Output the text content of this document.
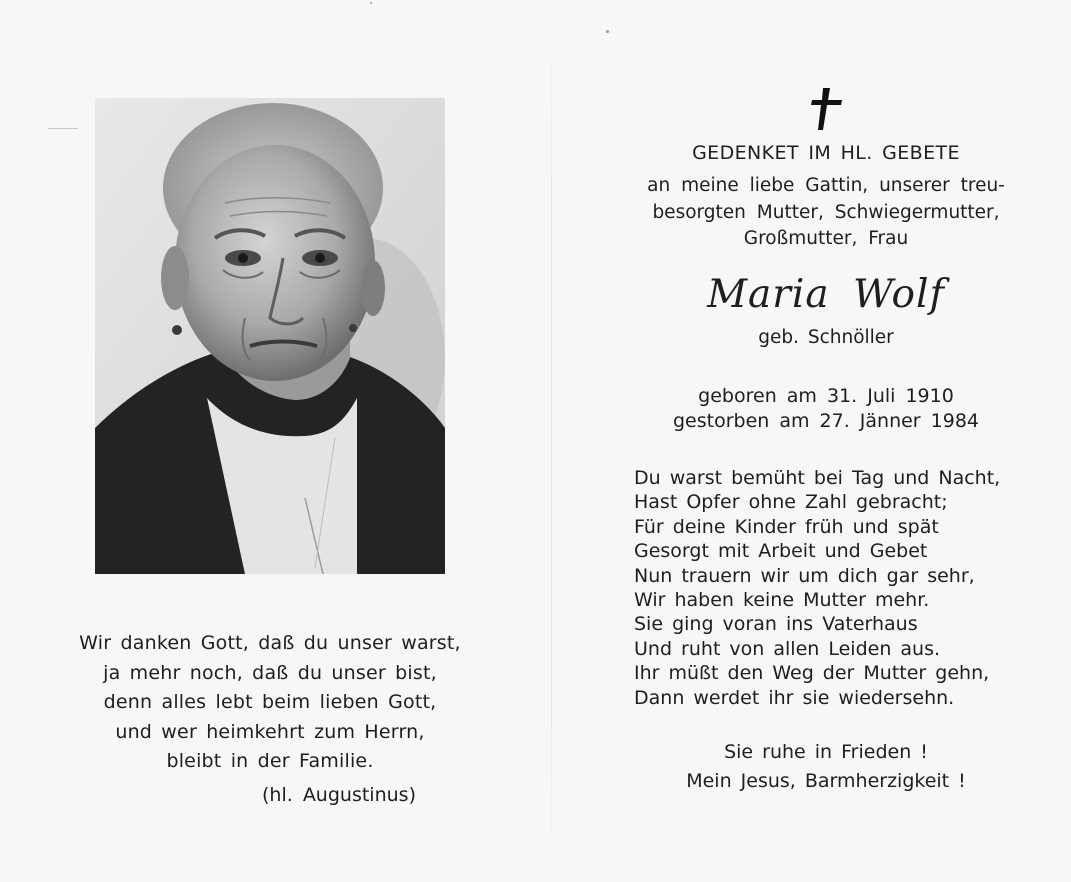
Wir danken Gott, daß du unser warst,
ja mehr noch, daß du unser bist,
denn alles lebt beim lieben Gott,
und wer heimkehrt zum Herrn,
bleibt in der Familie.
(hl. Augustinus)
GEDENKET IM HL. GEBETE
an meine liebe Gattin, unserer treu-
besorgten Mutter, Schwiegermutter,
Großmutter, Frau
Maria Wolf
geb. Schnöller
geboren am 31. Juli 1910
gestorben am 27. Jänner 1984
Du warst bemüht bei Tag und Nacht,
Hast Opfer ohne Zahl gebracht;
Für deine Kinder früh und spät
Gesorgt mit Arbeit und Gebet
Nun trauern wir um dich gar sehr,
Wir haben keine Mutter mehr.
Sie ging voran ins Vaterhaus
Und ruht von allen Leiden aus.
Ihr müßt den Weg der Mutter gehn,
Dann werdet ihr sie wiedersehn.
Sie ruhe in Frieden !
Mein Jesus, Barmherzigkeit !
